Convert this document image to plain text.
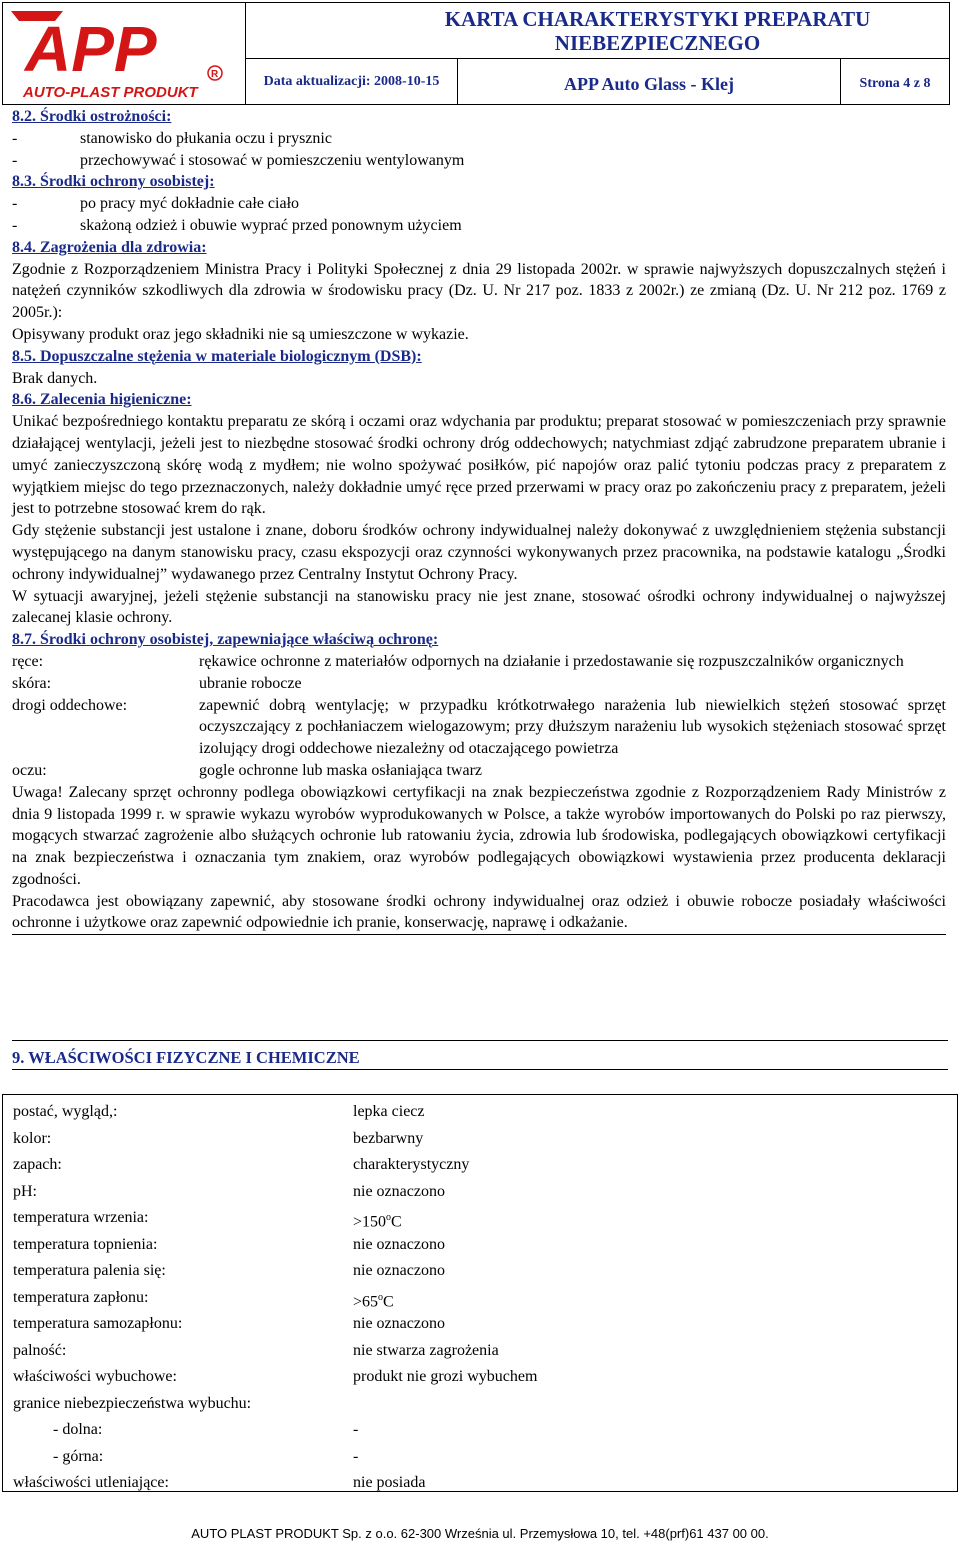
APP	R
AUTO-PLAST PRODUKT
KARTA CHARAKTERYSTYKI PREPARATU NIEBEZPIECZNEGO
Data aktualizacji: 2008-10-15	APP Auto Glass - Klej	Strona 4 z 8

8.2. Środki ostrożności:

-	stanowisko do płukania oczu i prysznic
-	przechowywać i stosować w pomieszczeniu wentylowanym

8.3. Środki ochrony osobistej:

-	po pracy myć dokładnie całe ciało
-	skażoną odzież i obuwie wyprać przed ponownym użyciem

8.4. Zagrożenia dla zdrowia:

Zgodnie z Rozporządzeniem Ministra Pracy i Polityki Społecznej z dnia 29 listopada 2002r. w sprawie najwyższych dopuszczalnych stężeń i natężeń czynników szkodliwych dla zdrowia w środowisku pracy (Dz. U. Nr 217 poz. 1833 z 2002r.) ze zmianą (Dz. U. Nr 212 poz. 1769 z 2005r.):

Opisywany produkt oraz jego składniki nie są umieszczone w wykazie.

8.5. Dopuszczalne stężenia w materiale biologicznym (DSB):

Brak danych.

8.6. Zalecenia higieniczne:

Unikać bezpośredniego kontaktu preparatu ze skórą i oczami oraz wdychania par produktu; preparat stosować w pomieszczeniach przy sprawnie działającej wentylacji, jeżeli jest to niezbędne stosować środki ochrony dróg oddechowych; natychmiast zdjąć zabrudzone preparatem ubranie i umyć zanieczyszczoną skórę wodą z mydłem; nie wolno spożywać posiłków, pić napojów oraz palić tytoniu podczas pracy z preparatem z wyjątkiem miejsc do tego przeznaczonych, należy dokładnie umyć ręce przed przerwami w pracy oraz po zakończeniu pracy z preparatem, jeżeli jest to potrzebne stosować krem do rąk.

Gdy stężenie substancji jest ustalone i znane, doboru środków ochrony indywidualnej należy dokonywać z uwzględnieniem stężenia substancji występującego na danym stanowisku pracy, czasu ekspozycji oraz czynności wykonywanych przez pracownika, na podstawie katalogu „Środki ochrony indywidualnej” wydawanego przez Centralny Instytut Ochrony Pracy.

W sytuacji awaryjnej, jeżeli stężenie substancji na stanowisku pracy nie jest znane, stosować ośrodki ochrony indywidualnej o najwyższej zalecanej klasie ochrony.

8.7. Środki ochrony osobistej, zapewniające właściwą ochronę:

ręce:	rękawice ochronne z materiałów odpornych na działanie i przedostawanie się rozpuszczalników organicznych
skóra:	ubranie robocze
drogi oddechowe:	zapewnić dobrą wentylację; w przypadku krótkotrwałego narażenia lub niewielkich stężeń stosować sprzęt oczyszczający z pochłaniaczem wielogazowym; przy dłuższym narażeniu lub wysokich stężeniach stosować sprzęt izolujący drogi oddechowe niezależny od otaczającego powietrza
oczu:	gogle ochronne lub maska osłaniająca twarz

Uwaga! Zalecany sprzęt ochronny podlega obowiązkowi certyfikacji na znak bezpieczeństwa zgodnie z Rozporządzeniem Rady Ministrów z dnia 9 listopada 1999 r. w sprawie wykazu wyrobów wyprodukowanych w Polsce, a także wyrobów importowanych do Polski po raz pierwszy, mogących stwarzać zagrożenie albo służących ochronie lub ratowaniu życia, zdrowia lub środowiska, podlegających obowiązkowi certyfikacji na znak bezpieczeństwa i oznaczania tym znakiem, oraz wyrobów podlegających obowiązkowi wystawienia przez producenta deklaracji zgodności.

Pracodawca jest obowiązany zapewnić, aby stosowane środki ochrony indywidualnej oraz odzież i obuwie robocze posiadały właściwości ochronne i użytkowe oraz zapewnić odpowiednie ich pranie, konserwację, naprawę i odkażanie.

9. WŁAŚCIWOŚCI FIZYCZNE I CHEMICZNE
postać, wygląd,:	lepka ciecz
kolor:	bezbarwny
zapach:	charakterystyczny
pH:	nie oznaczono
temperatura wrzenia:	$>150^oC$
temperatura topnienia:	nie oznaczono
temperatura palenia się:	nie oznaczono
temperatura zapłonu:	$>65^oC$
temperatura samozapłonu:	nie oznaczono
palność:	nie stwarza zagrożenia
właściwości wybuchowe:	produkt nie grozi wybuchem
granice niebezpieczeństwa wybuchu:
- dolna:	-
- górna:	-
właściwości utleniające:	nie posiada
AUTO PLAST PRODUKT Sp. z o.o. 62-300 Września ul. Przemysłowa 10, tel. +48(prf)61 437 00 00.
